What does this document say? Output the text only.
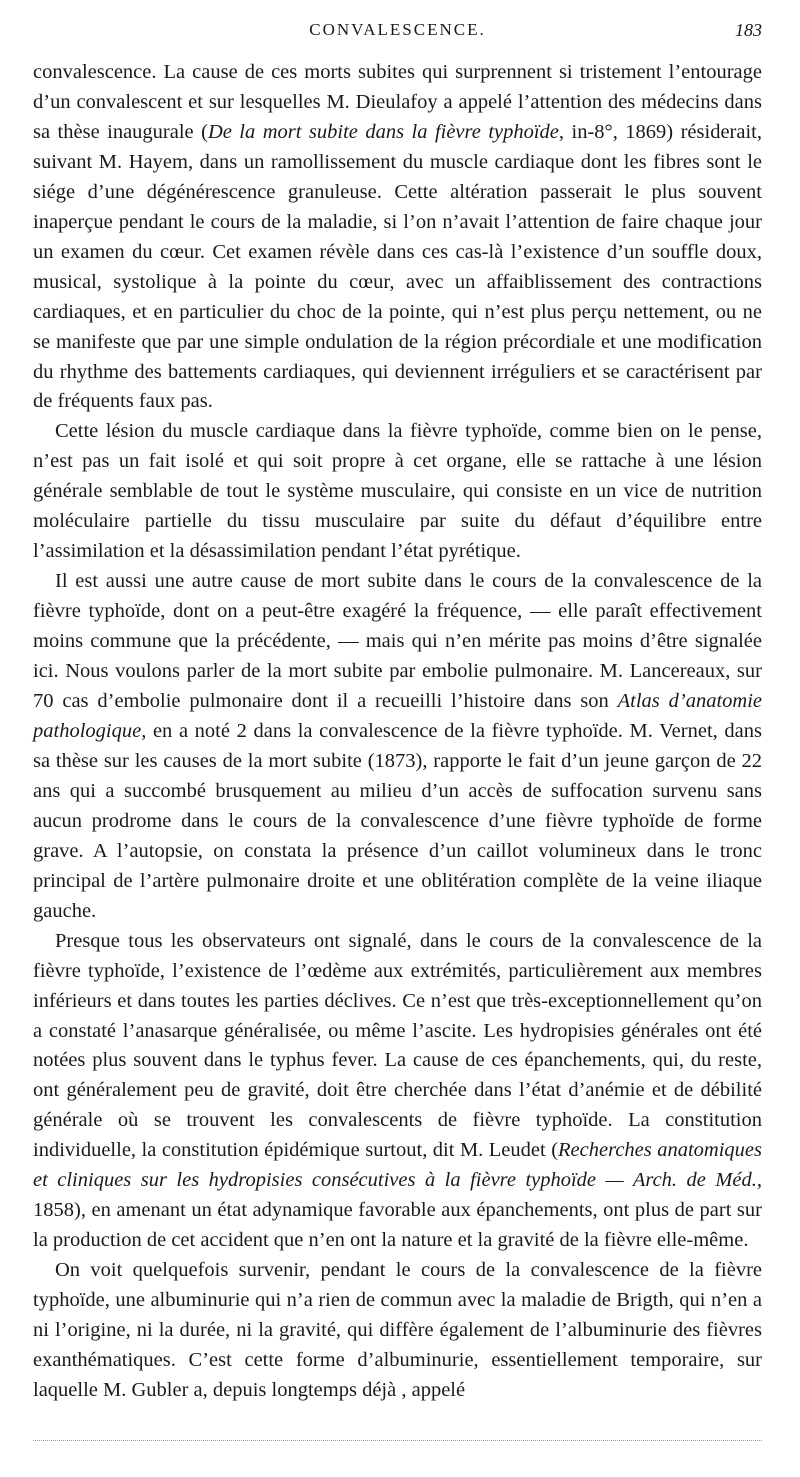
CONVALESCENCE.	183

convalescence. La cause de ces morts subites qui surprennent si tristement l’entourage d’un convalescent et sur lesquelles M. Dieulafoy a appelé l’attention des médecins dans sa thèse inaugurale (De la mort subite dans la fièvre typhoïde, in-8°, 1869) résiderait, suivant M. Hayem, dans un ramollissement du muscle cardiaque dont les fibres sont le siége d’une dégénérescence granuleuse. Cette altération passerait le plus souvent inaperçue pendant le cours de la maladie, si l’on n’avait l’attention de faire chaque jour un examen du cœur. Cet examen révèle dans ces cas-là l’existence d’un souffle doux, musical, systolique à la pointe du cœur, avec un affaiblissement des contractions cardiaques, et en particulier du choc de la pointe, qui n’est plus perçu nettement, ou ne se manifeste que par une simple ondulation de la région précordiale et une modification du rhythme des battements cardiaques, qui deviennent irréguliers et se caractérisent par de fréquents faux pas.

Cette lésion du muscle cardiaque dans la fièvre typhoïde, comme bien on le pense, n’est pas un fait isolé et qui soit propre à cet organe, elle se rattache à une lésion générale semblable de tout le système musculaire, qui consiste en un vice de nutrition moléculaire partielle du tissu musculaire par suite du défaut d’équilibre entre l’assimilation et la désassimilation pendant l’état pyrétique.

Il est aussi une autre cause de mort subite dans le cours de la convalescence de la fièvre typhoïde, dont on a peut-être exagéré la fréquence, — elle paraît effectivement moins commune que la précédente, — mais qui n’en mérite pas moins d’être signalée ici. Nous voulons parler de la mort subite par embolie pulmonaire. M. Lancereaux, sur 70 cas d’embolie pulmonaire dont il a recueilli l’histoire dans son Atlas d’anatomie pathologique, en a noté 2 dans la convalescence de la fièvre typhoïde. M. Vernet, dans sa thèse sur les causes de la mort subite (1873), rapporte le fait d’un jeune garçon de 22 ans qui a succombé brusquement au milieu d’un accès de suffocation survenu sans aucun prodrome dans le cours de la convalescence d’une fièvre typhoïde de forme grave. A l’autopsie, on constata la présence d’un caillot volumineux dans le tronc principal de l’artère pulmonaire droite et une oblitération complète de la veine iliaque gauche.

Presque tous les observateurs ont signalé, dans le cours de la convalescence de la fièvre typhoïde, l’existence de l’œdème aux extrémités, particulièrement aux membres inférieurs et dans toutes les parties déclives. Ce n’est que très-exceptionnellement qu’on a constaté l’anasarque généralisée, ou même l’ascite. Les hydropisies générales ont été notées plus souvent dans le typhus fever. La cause de ces épanchements, qui, du reste, ont généralement peu de gravité, doit être cherchée dans l’état d’anémie et de débilité générale où se trouvent les convalescents de fièvre typhoïde. La constitution individuelle, la constitution épidémique surtout, dit M. Leudet (Recherches anatomiques et cliniques sur les hydropisies consécutives à la fièvre typhoïde — Arch. de Méd., 1858), en amenant un état adynamique favorable aux épanchements, ont plus de part sur la production de cet accident que n’en ont la nature et la gravité de la fièvre elle-même.

On voit quelquefois survenir, pendant le cours de la convalescence de la fièvre typhoïde, une albuminurie qui n’a rien de commun avec la maladie de Brigth, qui n’en a ni l’origine, ni la durée, ni la gravité, qui diffère également de l’albuminurie des fièvres exanthématiques. C’est cette forme d’albuminurie, essentiellement temporaire, sur laquelle M. Gubler a, depuis longtemps déjà , appelé
